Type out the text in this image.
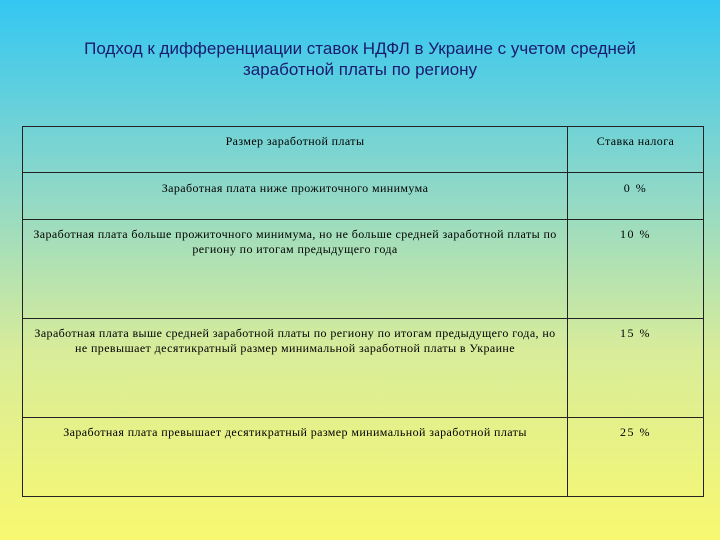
Подход к дифференциации ставок НДФЛ в Украине с учетом средней
заработной платы по региону
Размер заработной платы	Ставка налога
Заработная плата ниже прожиточного минимума	0 %
Заработная плата больше прожиточного минимума, но не больше средней заработной платы по региону по итогам предыдущего года	10 %
Заработная плата выше средней заработной платы по региону по итогам предыдущего года, но не превышает десятикратный размер минимальной заработной платы в Украине	15 %
Заработная плата превышает десятикратный размер минимальной заработной платы	25 %
